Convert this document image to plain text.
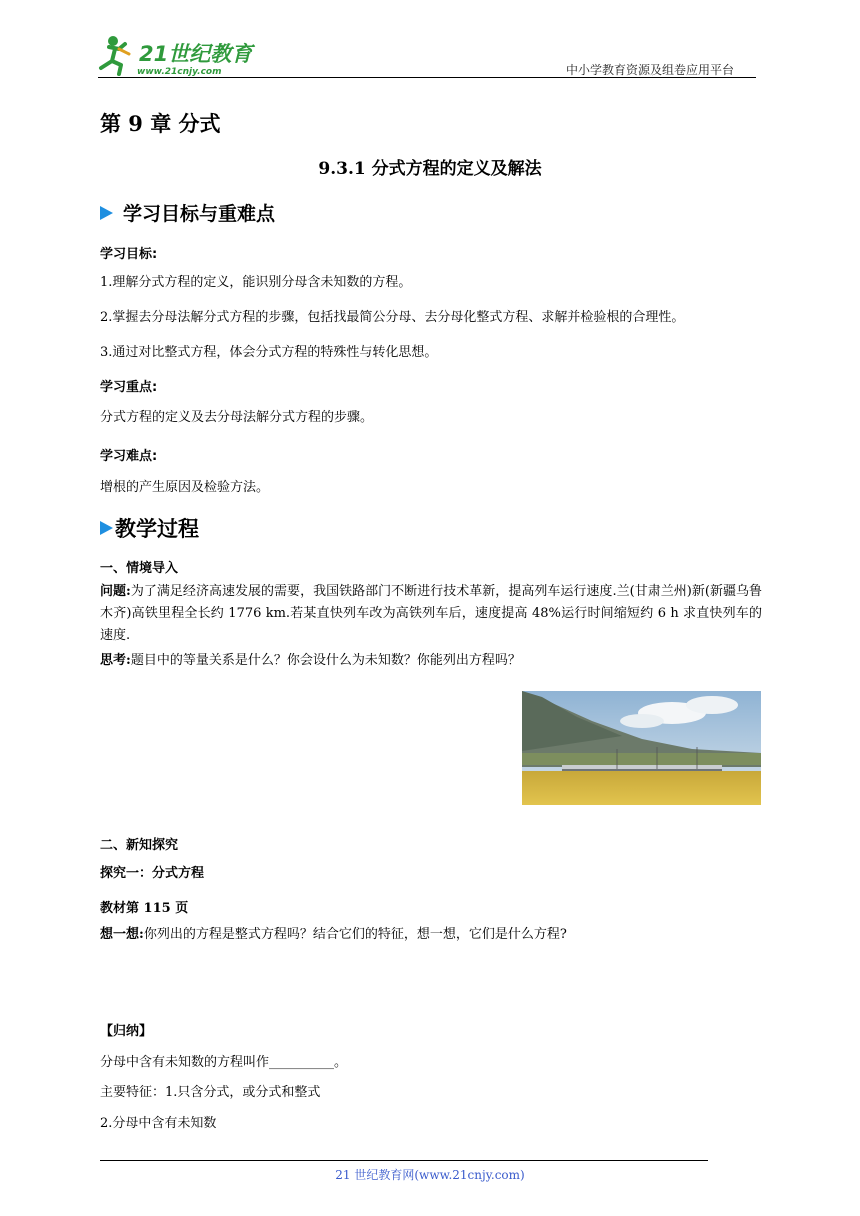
21世纪教育
www.21cnjy.com	中小学教育资源及组卷应用平台
第 9 章 分式
9.3.1 分式方程的定义及解法
学习目标与重难点
学习目标:
1.理解分式方程的定义，能识别分母含未知数的方程。
2.掌握去分母法解分式方程的步骤，包括找最简公分母、去分母化整式方程、求解并检验根的合理性。
3.通过对比整式方程，体会分式方程的特殊性与转化思想。
学习重点:
分式方程的定义及去分母法解分式方程的步骤。
学习难点:
增根的产生原因及检验方法。
教学过程
一、情境导入
问题:为了满足经济高速发展的需要，我国铁路部门不断进行技术革新，提高列车运行速度.兰(甘肃兰州)新(新疆乌鲁木齐)高铁里程全长约 1776 km.若某直快列车改为高铁列车后，速度提高 48%运行时间缩短约 6 h 求直快列车的速度.
思考:题目中的等量关系是什么？你会设什么为未知数？你能列出方程吗？
二、新知探究
探究一：分式方程
教材第 115 页
想一想:你列出的方程是整式方程吗？结合它们的特征，想一想，它们是什么方程?
【归纳】
分母中含有未知数的方程叫作__________。
主要特征：1.只含分式，或分式和整式
2.分母中含有未知数
21 世纪教育网(www.21cnjy.com)
